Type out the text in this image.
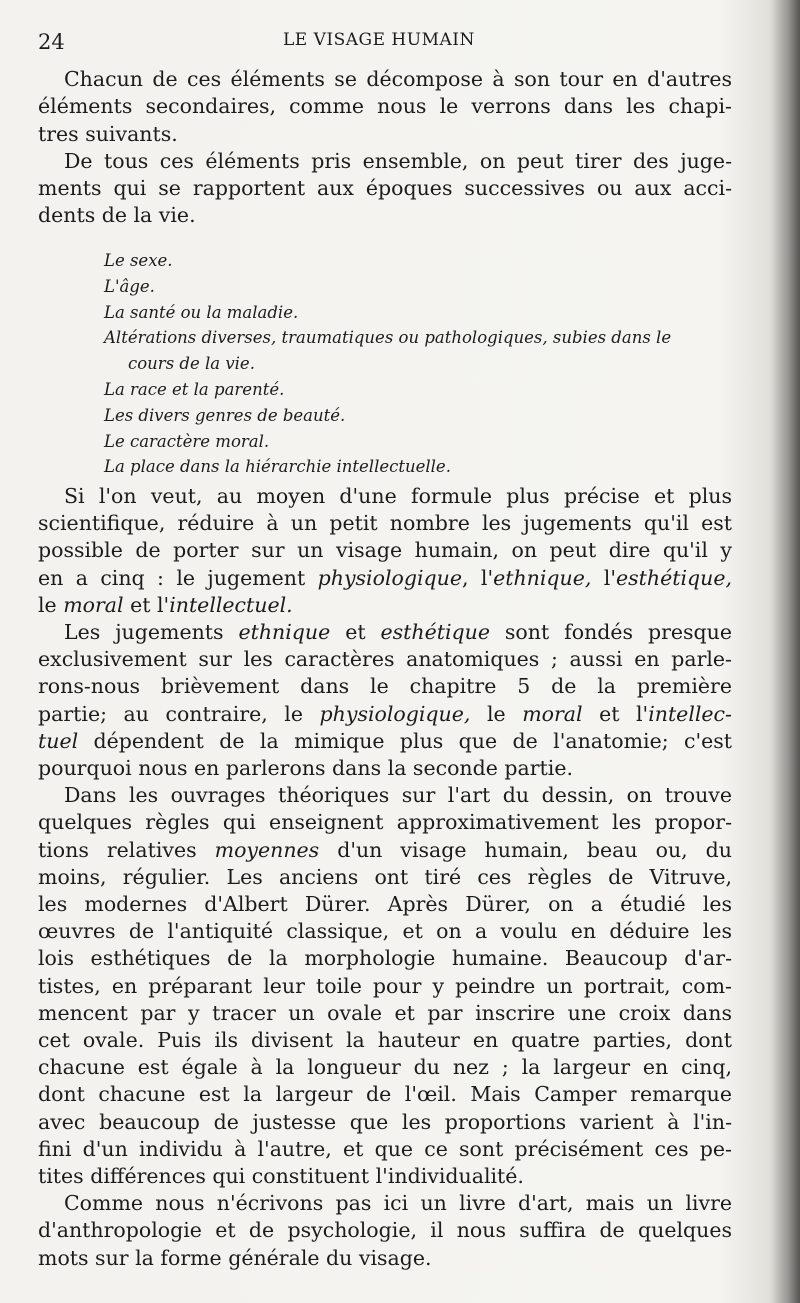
24	LE VISAGE HUMAIN
Chacun de ces éléments se décompose à son tour en d'autres
éléments secondaires, comme nous le verrons dans les chapi-
tres suivants.
De tous ces éléments pris ensemble, on peut tirer des juge-
ments qui se rapportent aux époques successives ou aux acci-
dents de la vie.
Le sexe.
L'âge.
La santé ou la maladie.
Altérations diverses, traumatiques ou pathologiques, subies dans le
cours de la vie.
La race et la parenté.
Les divers genres de beauté.
Le caractère moral.
La place dans la hiérarchie intellectuelle.
Si l'on veut, au moyen d'une formule plus précise et plus
scientifique, réduire à un petit nombre les jugements qu'il est
possible de porter sur un visage humain, on peut dire qu'il y
en a cinq : le jugement physiologique, l'ethnique, l'esthétique,
le moral et l'intellectuel.
Les jugements ethnique et esthétique sont fondés presque
exclusivement sur les caractères anatomiques ; aussi en parle-
rons-nous brièvement dans le chapitre 5 de la première
partie; au contraire, le physiologique, le moral et l'intellec-
tuel dépendent de la mimique plus que de l'anatomie; c'est
pourquoi nous en parlerons dans la seconde partie.
Dans les ouvrages théoriques sur l'art du dessin, on trouve
quelques règles qui enseignent approximativement les propor-
tions relatives moyennes d'un visage humain, beau ou, du
moins, régulier. Les anciens ont tiré ces règles de Vitruve,
les modernes d'Albert Dürer. Après Dürer, on a étudié les
œuvres de l'antiquité classique, et on a voulu en déduire les
lois esthétiques de la morphologie humaine. Beaucoup d'ar-
tistes, en préparant leur toile pour y peindre un portrait, com-
mencent par y tracer un ovale et par inscrire une croix dans
cet ovale. Puis ils divisent la hauteur en quatre parties, dont
chacune est égale à la longueur du nez ; la largeur en cinq,
dont chacune est la largeur de l'œil. Mais Camper remarque
avec beaucoup de justesse que les proportions varient à l'in-
fini d'un individu à l'autre, et que ce sont précisément ces pe-
tites différences qui constituent l'individualité.
Comme nous n'écrivons pas ici un livre d'art, mais un livre
d'anthropologie et de psychologie, il nous suffira de quelques
mots sur la forme générale du visage.
